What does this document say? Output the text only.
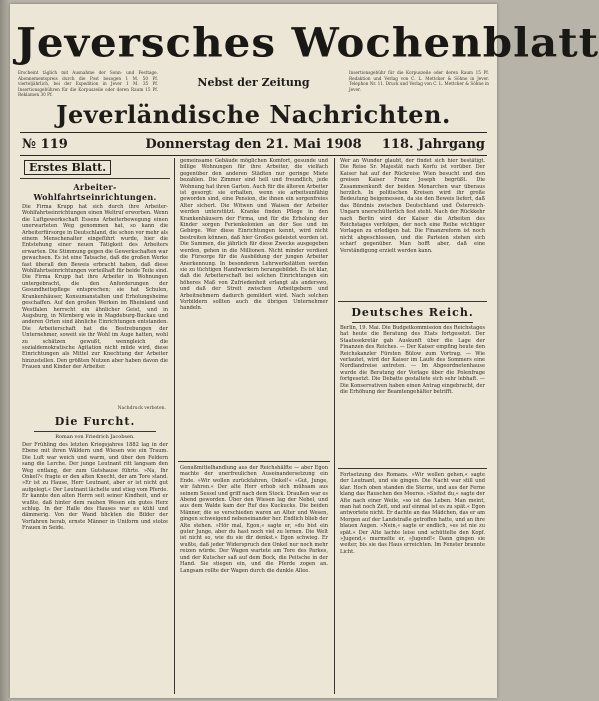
Jeversches Wochenblatt
Erscheint täglich mit Ausnahme der Sonn- und Festtage. Abonnementspreis durch die Post bezogen 1 M. 50 Pf. vierteljährlich, bei der Expedition in Jever 1 M. 35 Pf. Insertionsgebühren für die Korpuszeile oder deren Raum 15 Pf. Reklamen 30 Pf.
Nebst der Zeitung
Insertionsgebühr für die Korpuszeile oder deren Raum 15 Pf. Redaktion und Verlag von C. L. Mettcker & Söhne in Jever. Telephon Nr. 11. Druck und Verlag von C. L. Mettcker & Söhne in Jever.
Jeverländische Nachrichten.
№ 119	Donnerstag den 21. Mai 1908	118. Jahrgang
Erstes Blatt.
Arbeiter-Wohlfahrtseinrichtungen.
Die Firma Krupp hat sich durch ihre Arbeiter-Wohlfahrtseinrichtungen einen Weltruf erworben. Wenn die Luftgewerkschaft Essens Arbeiterbewegung einen unerwarteten Weg genommen hat, so kann die Arbeiterfürsorge in Deutschland, die schon vor mehr als einem Menschenalter eingeführt wurde, hier die Entstehung einer neuen Tätigkeit des Arbeiters erwarten. Die Stimmung gegen die Gewerkschaften war gewachsen. Es ist eine Tatsache, daß die großen Werke fast überall den Beweis erbracht haben, daß diese Wohlfahrtseinrichtungen vorteilhaft für beide Teile sind. Die Firma Krupp hat ihre Arbeiter in Wohnungen untergebracht, die den Anforderungen der Gesundheitspflege entsprechen; sie hat Schulen, Krankenhäuser, Konsumanstalten und Erholungsheime geschaffen. Auf den großen Werken im Rheinland und Westfalen herrscht ein ähnlicher Geist, und in Augsburg, in Nürnberg wie in Magdeburg-Buckau und anderen Orten sind ähnliche Einrichtungen entstanden. Die Arbeiterschaft hat die Bestrebungen der Unternehmer, soweit sie ihr Wohl im Auge hatten, wohl zu schätzen gewußt, wenngleich die sozialdemokratische Agitation nicht müde wird, diese Einrichtungen als Mittel zur Knechtung der Arbeiter hinzustellen. Den größten Nutzen aber haben davon die Frauen und Kinder der Arbeiter.
Nachdruck verboten.
Die Furcht.
Roman von Friedrich Jacobsen.
Der Frühling des letzten Kriegsjahres 1882 lag in der Ebene mit ihren Wäldern und Wiesen wie ein Traum. Die Luft war weich und warm, und über den Feldern sang die Lerche. Der junge Leutnant ritt langsam den Weg entlang, der zum Gutshause führte. »Na, Ihr Onkel?« fragte er den alten Knecht, der am Tore stand. »Er ist zu Hause, Herr Leutnant, aber er ist nicht gut aufgelegt.« Der Leutnant lächelte und stieg vom Pferde. Er kannte den alten Herrn seit seiner Kindheit, und er wußte, daß hinter dem rauhen Wesen ein gutes Herz schlug. In der Halle des Hauses war es kühl und dämmerig. Von der Wand blickten die Bilder der Vorfahren herab, ernste Männer in Uniform und stolze Frauen in Seide.
gemeinsame Gebäude möglichen Komfort, gesunde und billige Wohnungen für ihre Arbeiter, die vielfach gegenüber den anderen Städten nur geringe Miete bezahlen. Die Zimmer sind hell und freundlich, jede Wohnung hat ihren Garten. Auch für die älteren Arbeiter ist gesorgt: sie erhalten, wenn sie arbeitsunfähig geworden sind, eine Pension, die ihnen ein sorgenfreies Alter sichert. Die Witwen und Waisen der Arbeiter werden unterstützt. Kranke finden Pflege in den Krankenhäusern der Firma, und für die Erholung der Kinder sorgen Ferienkolonien an der See und im Gebirge. Wer diese Einrichtungen kennt, wird nicht bestreiten können, daß hier Großes geleistet worden ist. Die Summen, die jährlich für diese Zwecke ausgegeben werden, gehen in die Millionen. Nicht minder verdient die Fürsorge für die Ausbildung der jungen Arbeiter Anerkennung. In besonderen Lehrwerkstätten werden sie zu tüchtigen Handwerkern herangebildet. Es ist klar, daß die Arbeiterschaft bei solchen Einrichtungen ein höheres Maß von Zufriedenheit erlangt als anderswo, und daß der Streit zwischen Arbeitgebern und Arbeitnehmern dadurch gemildert wird. Nach solchen Vorbildern sollten auch die übrigen Unternehmer handeln.
Genußmittelhandlung aus der Reichshälfte — aber Egon machte der unerfreulichen Auseinandersetzung ein Ende. »Wir wollen zurückfahren, Onkel!« »Gut, Junge, wir fahren.« Der alte Herr erhob sich mühsam aus seinem Sessel und griff nach dem Stock. Draußen war es Abend geworden. Über den Wiesen lag der Nebel, und aus dem Walde kam der Ruf des Kuckucks. Die beiden Männer, die so verschieden waren an Alter und Wesen, gingen schweigend nebeneinander her. Endlich blieb der Alte stehen. »Hör mal, Egon,« sagte er, »du bist ein guter Junge, aber du hast noch viel zu lernen. Die Welt ist nicht so, wie du sie dir denkst.« Egon schwieg. Er wußte, daß jeder Widerspruch den Onkel nur noch mehr reizen würde. Der Wagen wartete am Tore des Parkes, und der Kutscher saß auf dem Bock, die Peitsche in der Hand. Sie stiegen ein, und die Pferde zogen an. Langsam rollte der Wagen durch die dunkle Allee.
Wer an Wunder glaubt, der findet sich hier bestätigt. Die Reise Sr. Majestät nach Korfu ist vorüber. Der Kaiser hat auf der Rückreise Wien besucht und den greisen Kaiser Franz Joseph begrüßt. Die Zusammenkunft der beiden Monarchen war überaus herzlich. In politischen Kreisen wird ihr große Bedeutung beigemessen, da sie den Beweis liefert, daß das Bündnis zwischen Deutschland und Österreich-Ungarn unerschütterlich fest steht. Nach der Rückkehr nach Berlin wird der Kaiser die Arbeiten des Reichstages verfolgen, der noch eine Reihe wichtiger Vorlagen zu erledigen hat. Die Finanzreform ist noch nicht abgeschlossen, und die Parteien stehen sich scharf gegenüber. Man hofft aber, daß eine Verständigung erzielt werden kann.
Deutsches Reich.
Berlin, 19. Mai. Die Budgetkommission des Reichstages hat heute die Beratung des Etats fortgesetzt. Der Staatssekretär gab Auskunft über die Lage der Finanzen des Reiches. — Der Kaiser empfing heute den Reichskanzler Fürsten Bülow zum Vortrag. — Wie verlautet, wird der Kaiser im Laufe des Sommers eine Nordlandreise antreten. — Im Abgeordnetenhause wurde die Beratung der Vorlage über die Polenfrage fortgesetzt. Die Debatte gestaltete sich sehr lebhaft. — Die Konservativen haben einen Antrag eingebracht, der die Erhöhung der Beamtengehälter betrifft.
Fortsetzung des Romans. »Wir wollen gehen,« sagte der Leutnant, und sie gingen. Die Nacht war still und klar. Hoch oben standen die Sterne, und aus der Ferne klang das Rauschen des Meeres. »Siehst du,« sagte der Alte nach einer Weile, »so ist das Leben. Man meint, man hat noch Zeit, und auf einmal ist es zu spät.« Egon antwortete nicht. Er dachte an das Mädchen, das er am Morgen auf der Landstraße getroffen hatte, und an ihre blauen Augen. »Nein,« sagte er endlich, »es ist nie zu spät.« Der Alte lachte leise und schüttelte den Kopf. »Jugend,« murmelte er, »Jugend!« Dann gingen sie weiter, bis sie das Haus erreichten. Im Fenster brannte Licht.
